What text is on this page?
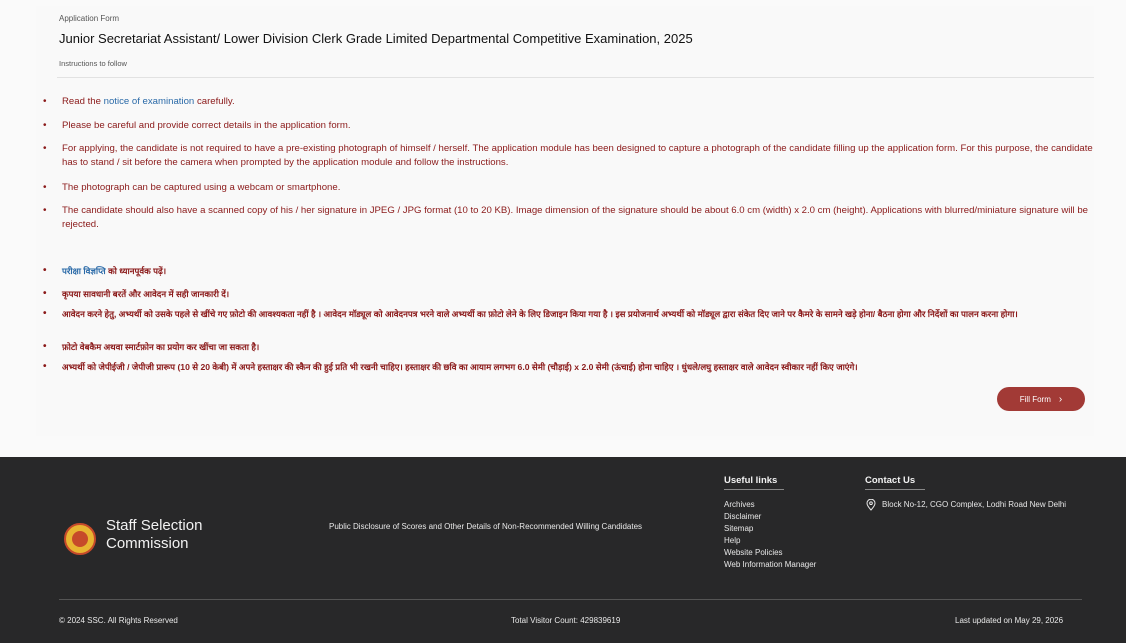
Application Form
Junior Secretariat Assistant/ Lower Division Clerk Grade Limited Departmental Competitive Examination, 2025
Instructions to follow
• Read the notice of examination carefully.
• Please be careful and provide correct details in the application form.
• For applying, the candidate is not required to have a pre-existing photograph of himself / herself. The application module has been designed to capture a photograph of the candidate filling up the application form. For this purpose, the candidate has to stand / sit before the camera when prompted by the application module and follow the instructions.
• The photograph can be captured using a webcam or smartphone.
• The candidate should also have a scanned copy of his / her signature in JPEG / JPG format (10 to 20 KB). Image dimension of the signature should be about 6.0 cm (width) x 2.0 cm (height). Applications with blurred/miniature signature will be rejected.
• परीक्षा विज्ञप्ति को ध्यानपूर्वक पढ़ें।
• कृपया सावधानी बरतें और आवेदन में सही जानकारी दें।
• आवेदन करने हेतु, अभ्यर्थी को उसके पहले से खींचे गए फ़ोटो की आवश्यकता नहीं है । आवेदन मॉड्यूल को आवेदनपत्र भरने वाले अभ्यर्थी का फ़ोटो लेने के लिए डिजाइन किया गया है । इस प्रयोजनार्थ अभ्यर्थी को मॉड्यूल द्वारा संकेत दिए जाने पर कैमरे के सामने खड़े होना/ बैठना होगा और निर्देशों का पालन करना होगा।
• फ़ोटो वेबकैम अथवा स्मार्टफ़ोन का प्रयोग कर खींचा जा सकता है।
• अभ्यर्थी को जेपीईजी / जेपीजी प्रारूप (10 से 20 केबी) में अपने हस्ताक्षर की स्कैन की हुई प्रति भी रखनी चाहिए। हस्ताक्षर की छवि का आयाम लगभग 6.0 सेमी (चौड़ाई) x 2.0 सेमी (ऊंचाई) होना चाहिए । धुंधले/लघु हस्ताक्षर वाले आवेदन स्वीकार नहीं किए जाएंगे।
Fill Form ›
Staff Selection
Commission
Public Disclosure of Scores and Other Details of Non-Recommended Willing Candidates
Useful links
Archives
Disclaimer
Sitemap
Help
Website Policies
Web Information Manager
Contact Us
Block No-12, CGO Complex, Lodhi Road New Delhi
© 2024 SSC. All Rights Reserved	Total Visitor Count: 429839619	Last updated on May 29, 2026
